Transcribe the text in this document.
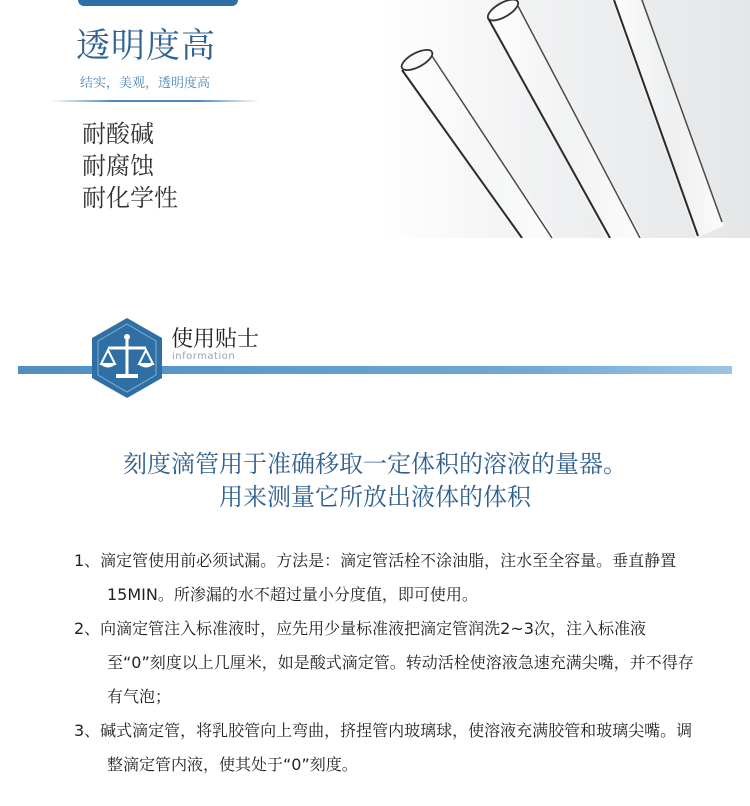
透明度高
结实，美观，透明度高
耐酸碱
耐腐蚀
耐化学性
使用贴士
information
刻度滴管用于准确移取一定体积的溶液的量器。
用来测量它所放出液体的体积
1、滴定管使用前必须试漏。方法是：滴定管活栓不涂油脂，注水至全容量。垂直静置15MIN。所渗漏的水不超过量小分度值，即可使用。
2、向滴定管注入标准液时，应先用少量标准液把滴定管润洗2~3次，注入标准液至“0”刻度以上几厘米，如是酸式滴定管。转动活栓使溶液急速充满尖嘴，并不得存有气泡；
3、碱式滴定管，将乳胶管向上弯曲，挤捏管内玻璃球，使溶液充满胶管和玻璃尖嘴。调整滴定管内液，使其处于“0”刻度。
